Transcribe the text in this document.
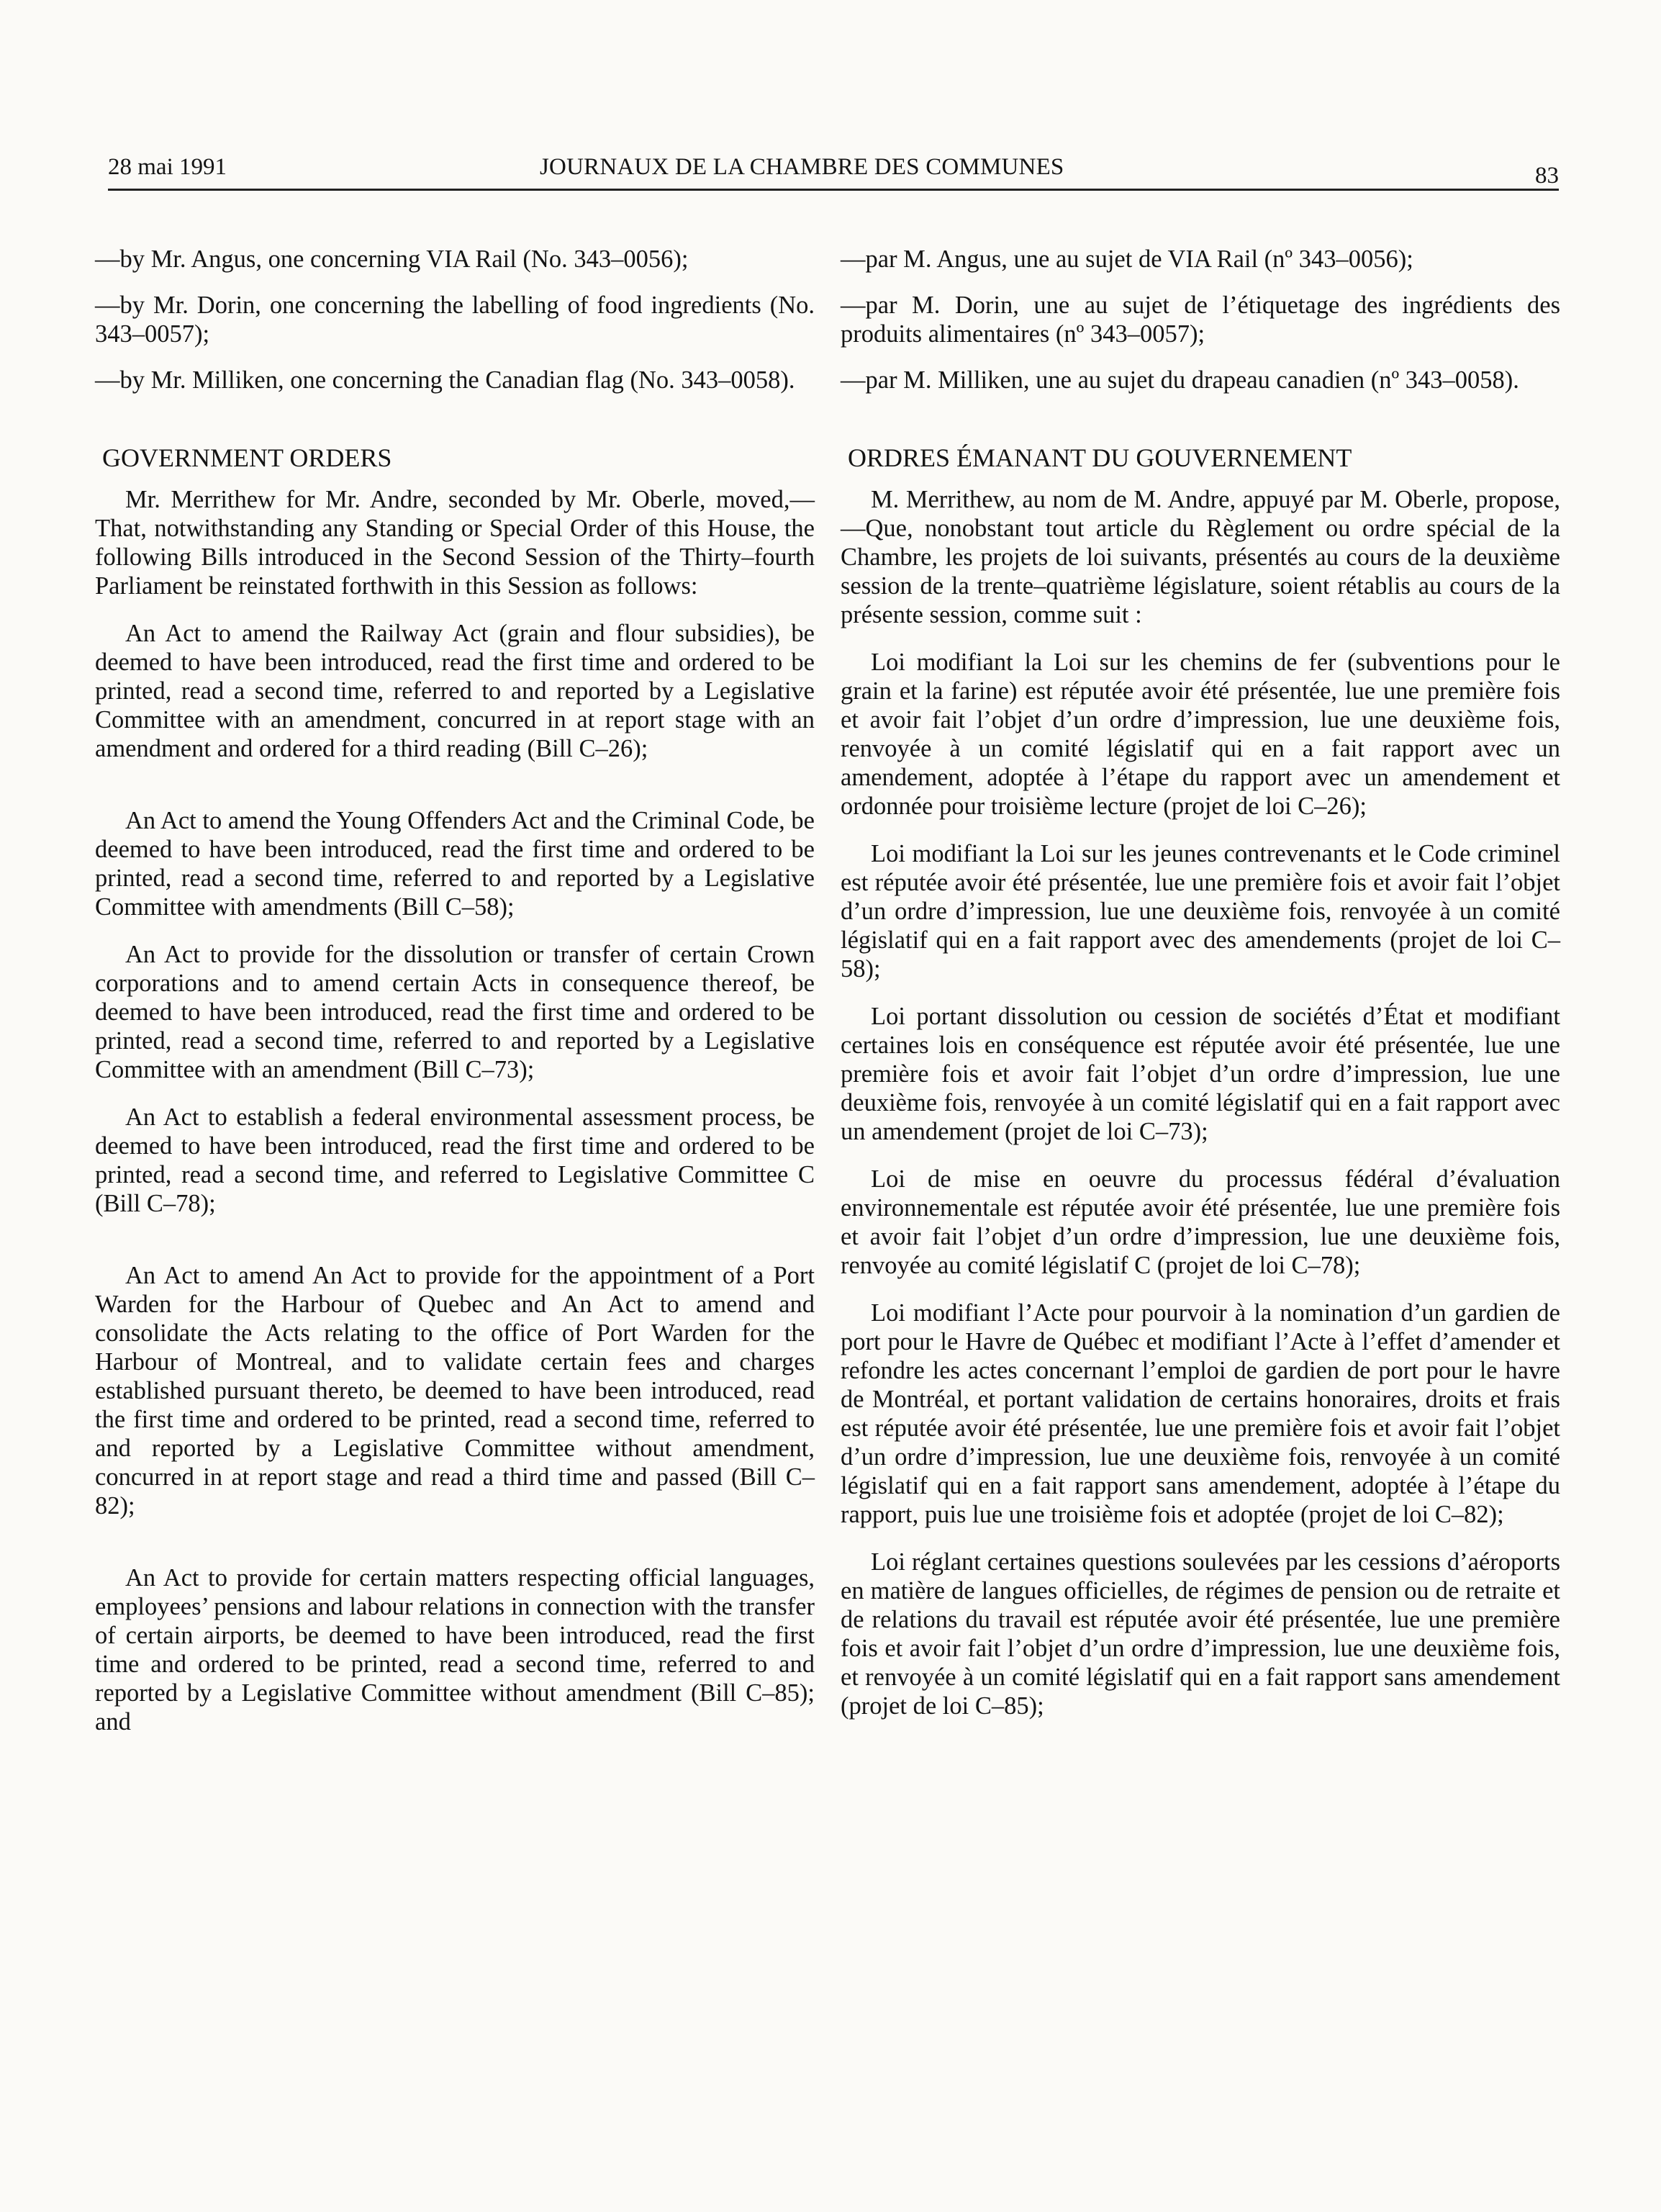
28 mai 1991	JOURNAUX DE LA CHAMBRE DES COMMUNES	83

—by Mr. Angus, one concerning VIA Rail (No. 343–0056);

—by Mr. Dorin, one concerning the labelling of food ingredients (No. 343–0057);

—by Mr. Milliken, one concerning the Canadian flag (No. 343–0058).

GOVERNMENT ORDERS

Mr. Merrithew for Mr. Andre, seconded by Mr. Oberle, moved,—That, notwithstanding any Standing or Special Order of this House, the following Bills introduced in the Second Session of the Thirty–fourth Parliament be reinstated forthwith in this Session as follows:

An Act to amend the Railway Act (grain and flour subsidies), be deemed to have been introduced, read the first time and ordered to be printed, read a second time, referred to and reported by a Legislative Committee with an amendment, concurred in at report stage with an amendment and ordered for a third reading (Bill C–26);

An Act to amend the Young Offenders Act and the Criminal Code, be deemed to have been introduced, read the first time and ordered to be printed, read a second time, referred to and reported by a Legislative Committee with amendments (Bill C–58);

An Act to provide for the dissolution or transfer of certain Crown corporations and to amend certain Acts in consequence thereof, be deemed to have been introduced, read the first time and ordered to be printed, read a second time, referred to and reported by a Legislative Committee with an amendment (Bill C–73);

An Act to establish a federal environmental assessment process, be deemed to have been introduced, read the first time and ordered to be printed, read a second time, and referred to Legislative Committee C (Bill C–78);

An Act to amend An Act to provide for the appointment of a Port Warden for the Harbour of Quebec and An Act to amend and consolidate the Acts relating to the office of Port Warden for the Harbour of Montreal, and to validate certain fees and charges established pursuant thereto, be deemed to have been introduced, read the first time and ordered to be printed, read a second time, referred to and reported by a Legislative Committee without amendment, concurred in at report stage and read a third time and passed (Bill C–82);

An Act to provide for certain matters respecting official languages, employees’ pensions and labour relations in connection with the transfer of certain airports, be deemed to have been introduced, read the first time and ordered to be printed, read a second time, referred to and reported by a Legislative Committee without amendment (Bill C–85); and

—par M. Angus, une au sujet de VIA Rail (nº 343–0056);

—par M. Dorin, une au sujet de l’étiquetage des ingrédients des produits alimentaires (nº 343–0057);

—par M. Milliken, une au sujet du drapeau canadien (nº 343–0058).

ORDRES ÉMANANT DU GOUVERNEMENT

M. Merrithew, au nom de M. Andre, appuyé par M. Oberle, propose,—Que, nonobstant tout article du Règlement ou ordre spécial de la Chambre, les projets de loi suivants, présentés au cours de la deuxième session de la trente–quatrième législature, soient rétablis au cours de la présente session, comme suit :

Loi modifiant la Loi sur les chemins de fer (subventions pour le grain et la farine) est réputée avoir été présentée, lue une première fois et avoir fait l’objet d’un ordre d’impression, lue une deuxième fois, renvoyée à un comité législatif qui en a fait rapport avec un amendement, adoptée à l’étape du rapport avec un amendement et ordonnée pour troisième lecture (projet de loi C–26);

Loi modifiant la Loi sur les jeunes contrevenants et le Code criminel est réputée avoir été présentée, lue une première fois et avoir fait l’objet d’un ordre d’impression, lue une deuxième fois, renvoyée à un comité législatif qui en a fait rapport avec des amendements (projet de loi C–58);

Loi portant dissolution ou cession de sociétés d’État et modifiant certaines lois en conséquence est réputée avoir été présentée, lue une première fois et avoir fait l’objet d’un ordre d’impression, lue une deuxième fois, renvoyée à un comité législatif qui en a fait rapport avec un amendement (projet de loi C–73);

Loi de mise en oeuvre du processus fédéral d’évaluation environnementale est réputée avoir été présentée, lue une première fois et avoir fait l’objet d’un ordre d’impression, lue une deuxième fois, renvoyée au comité législatif C (projet de loi C–78);

Loi modifiant l’Acte pour pourvoir à la nomination d’un gardien de port pour le Havre de Québec et modifiant l’Acte à l’effet d’amender et refondre les actes concernant l’emploi de gardien de port pour le havre de Montréal, et portant validation de certains honoraires, droits et frais est réputée avoir été présentée, lue une première fois et avoir fait l’objet d’un ordre d’impression, lue une deuxième fois, renvoyée à un comité législatif qui en a fait rapport sans amendement, adoptée à l’étape du rapport, puis lue une troisième fois et adoptée (projet de loi C–82);

Loi réglant certaines questions soulevées par les cessions d’aéroports en matière de langues officielles, de régimes de pension ou de retraite et de relations du travail est réputée avoir été présentée, lue une première fois et avoir fait l’objet d’un ordre d’impression, lue une deuxième fois, et renvoyée à un comité législatif qui en a fait rapport sans amendement (projet de loi C–85);
